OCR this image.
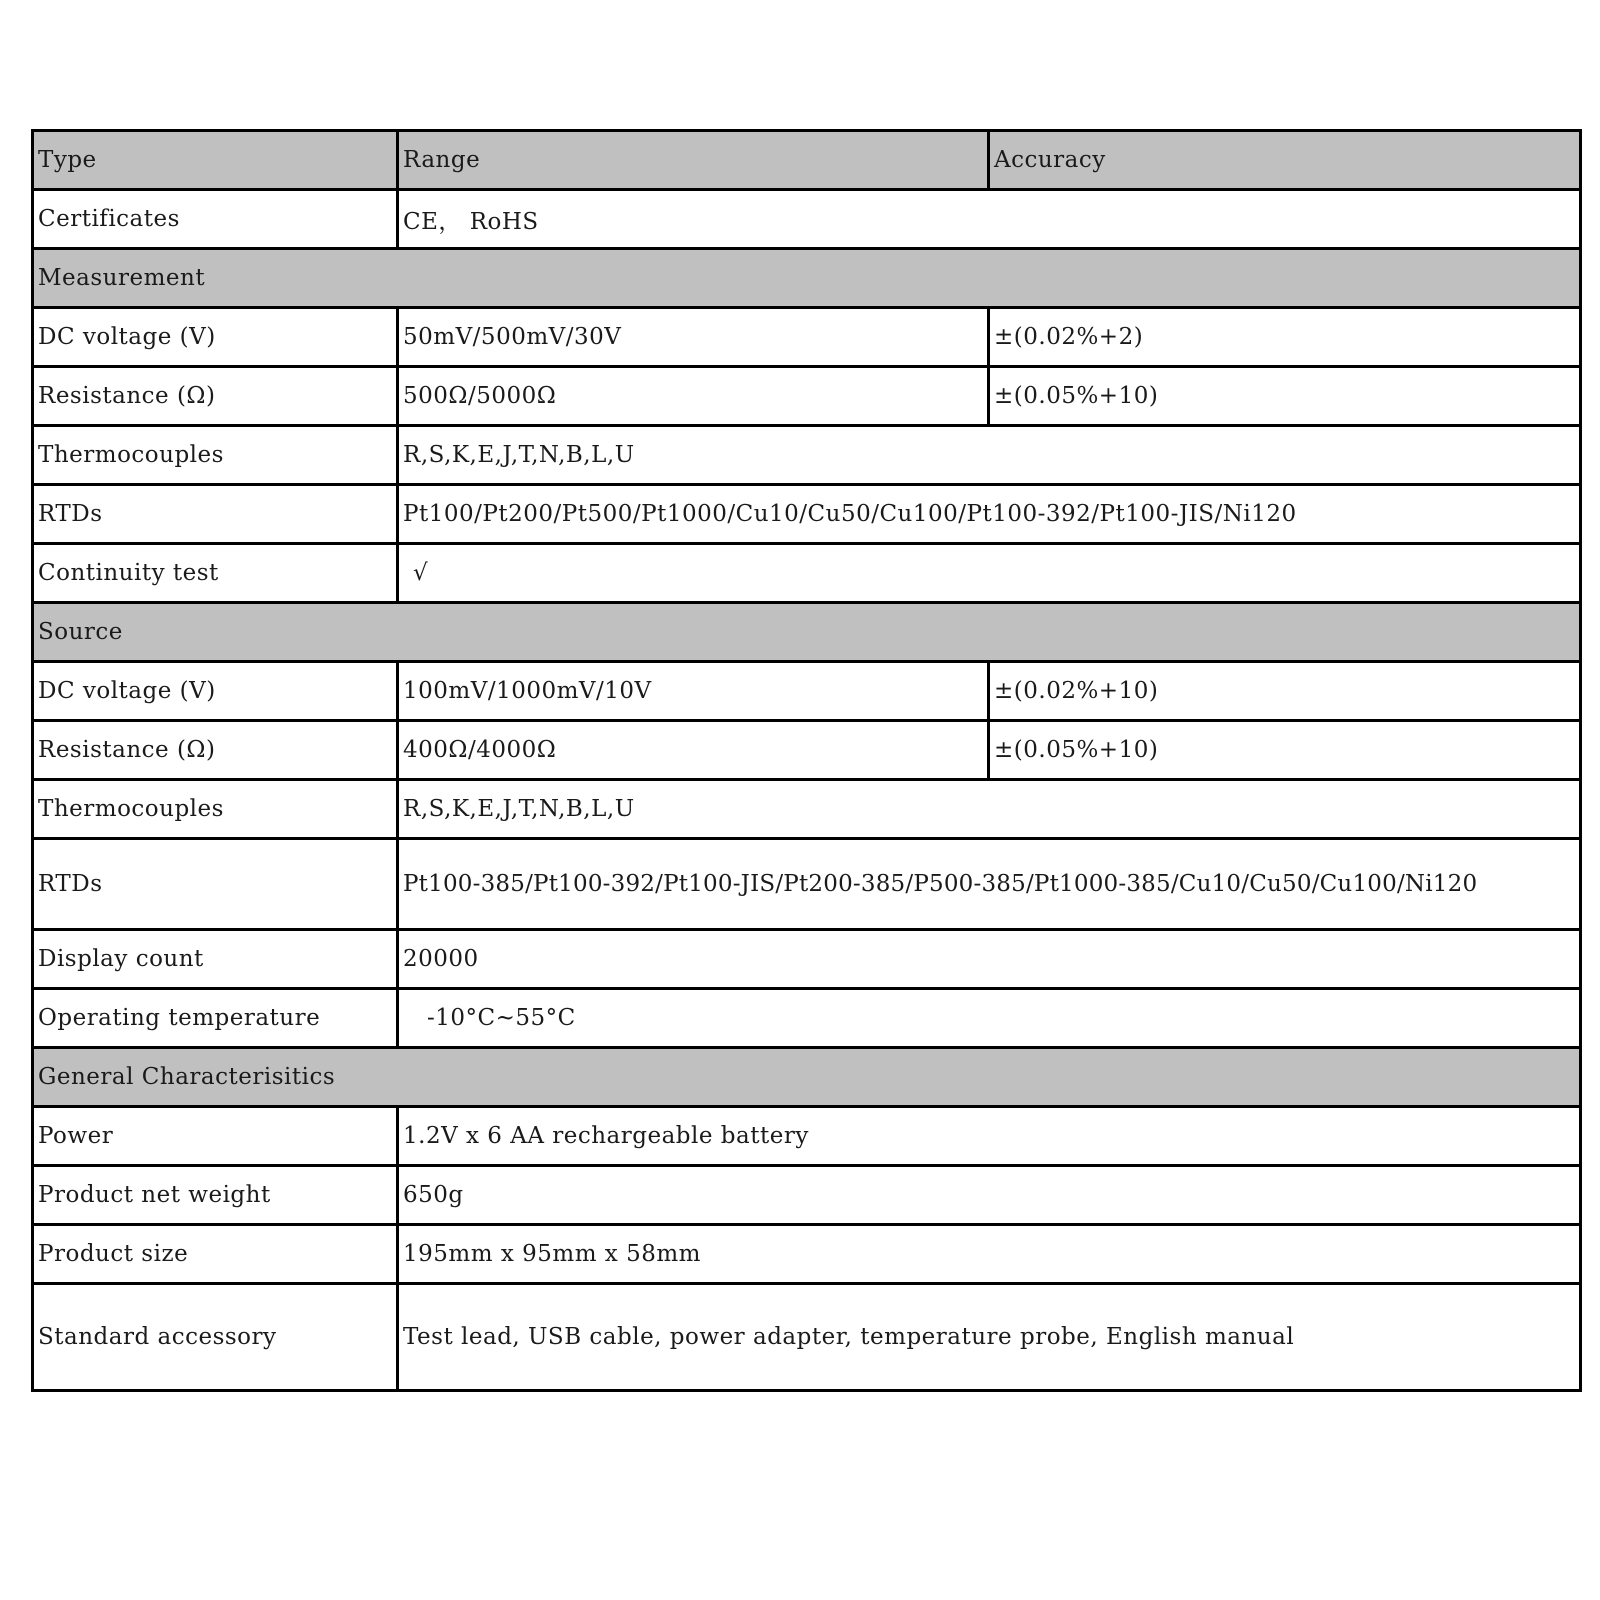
Type	Range	Accuracy
Certificates	CE， RoHS	
Measurement		
DC voltage (V)	50mV/500mV/30V	±(0.02%+2)
Resistance (Ω)	500Ω/5000Ω	±(0.05%+10)
Thermocouples	R,S,K,E,J,T,N,B,L,U	
RTDs	Pt100/Pt200/Pt500/Pt1000/Cu10/Cu50/Cu100/Pt100-392/Pt100-JIS/Ni120	
Continuity test	√	
Source		
DC voltage (V)	100mV/1000mV/10V	±(0.02%+10)
Resistance (Ω)	400Ω/4000Ω	±(0.05%+10)
Thermocouples	R,S,K,E,J,T,N,B,L,U	
RTDs	Pt100-385/Pt100-392/Pt100-JIS/Pt200-385/P500-385/Pt1000-385/Cu10/Cu50/Cu100/Ni120	
Display count	20000	
Operating temperature	-10°C~55°C	
General Characterisitics		
Power	1.2V x 6 AA rechargeable battery	
Product net weight	650g	
Product size	195mm x 95mm x 58mm	
Standard accessory	Test lead, USB cable, power adapter, temperature probe, English manual	
